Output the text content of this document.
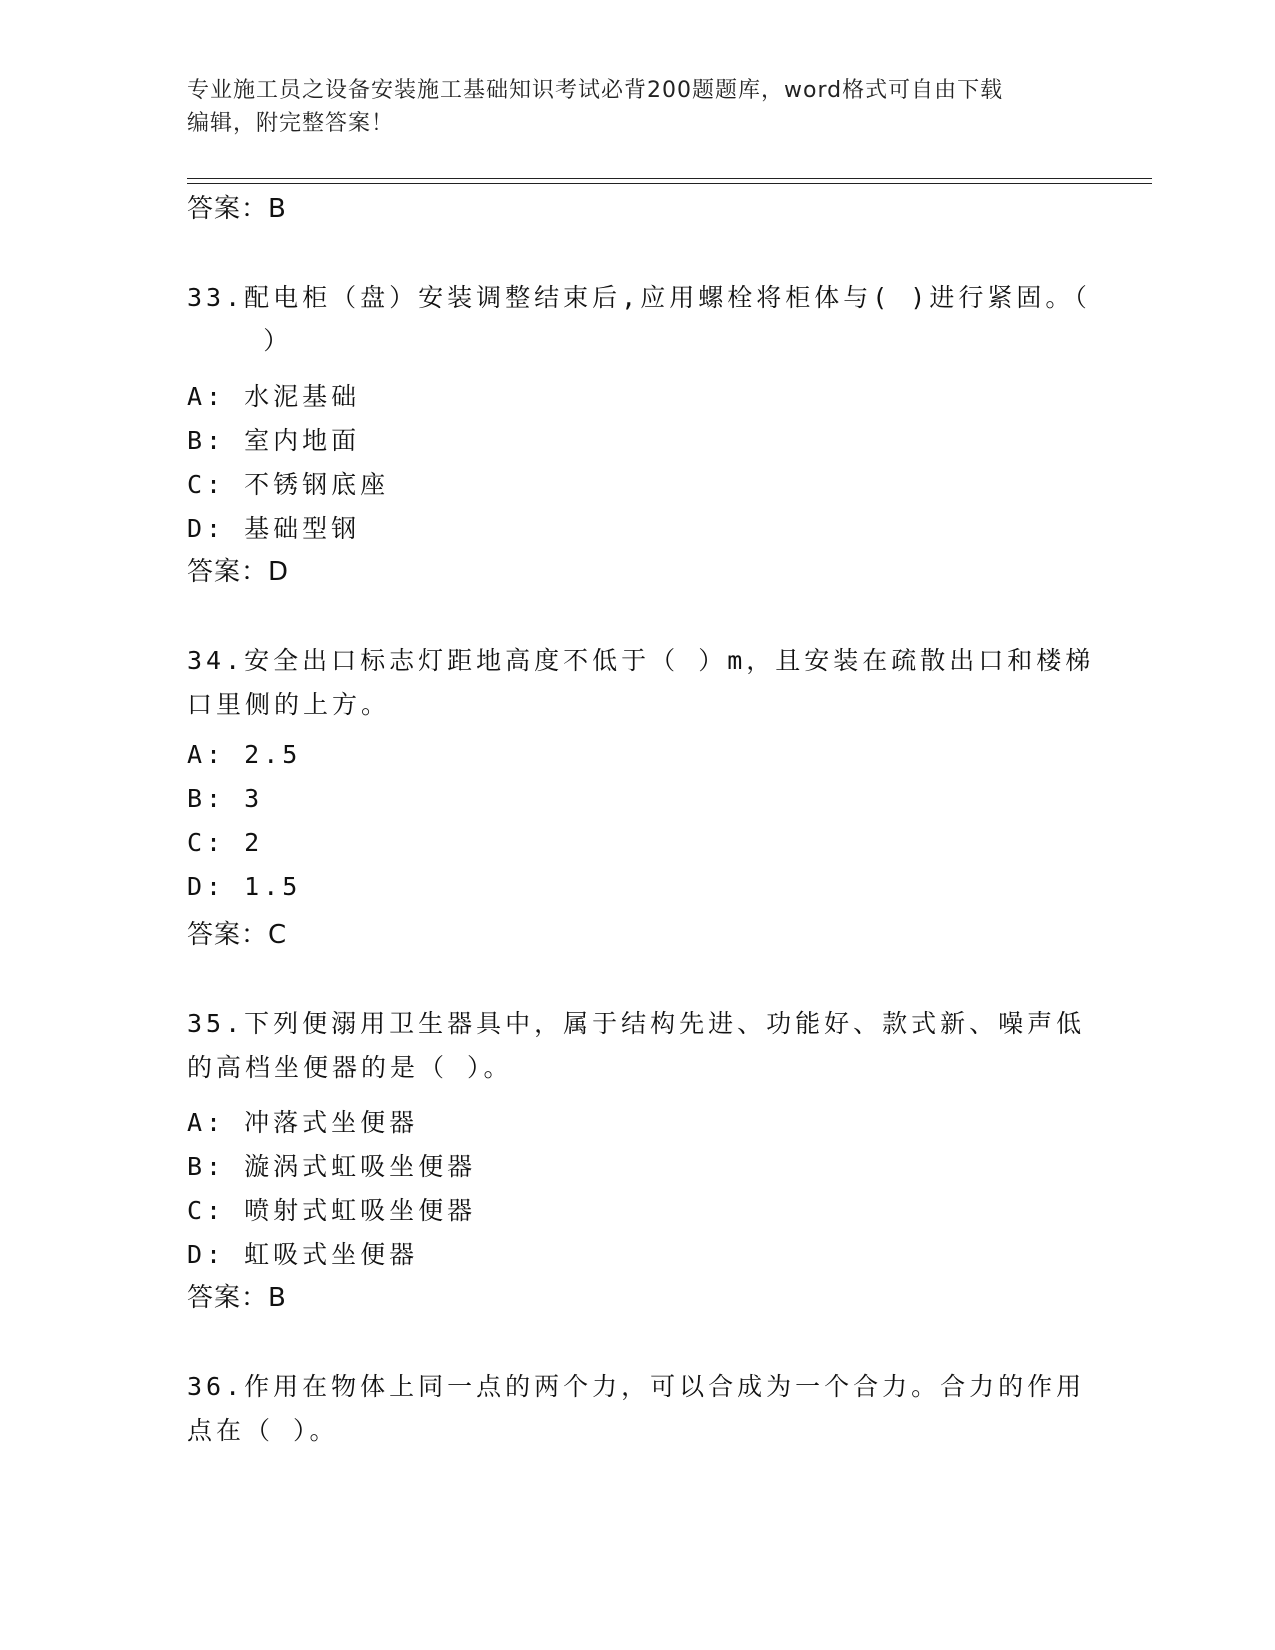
专业施工员之设备安装施工基础知识考试必背200题题库，word格式可自由下载
编辑，附完整答案！
答案：B
33.配电柜（盘）安装调整结束后,应用螺栓将柜体与( )进行紧固。（
）
A: 水泥基础
B: 室内地面
C: 不锈钢底座
D: 基础型钢
答案：D
34.安全出口标志灯距地高度不低于（ ）m，且安装在疏散出口和楼梯
口里侧的上方。
A: 2.5
B: 3
C: 2
D: 1.5
答案：C
35.下列便溺用卫生器具中，属于结构先进、功能好、款式新、噪声低
的高档坐便器的是（ ）。
A: 冲落式坐便器
B: 漩涡式虹吸坐便器
C: 喷射式虹吸坐便器
D: 虹吸式坐便器
答案：B
36.作用在物体上同一点的两个力，可以合成为一个合力。合力的作用
点在（ ）。
